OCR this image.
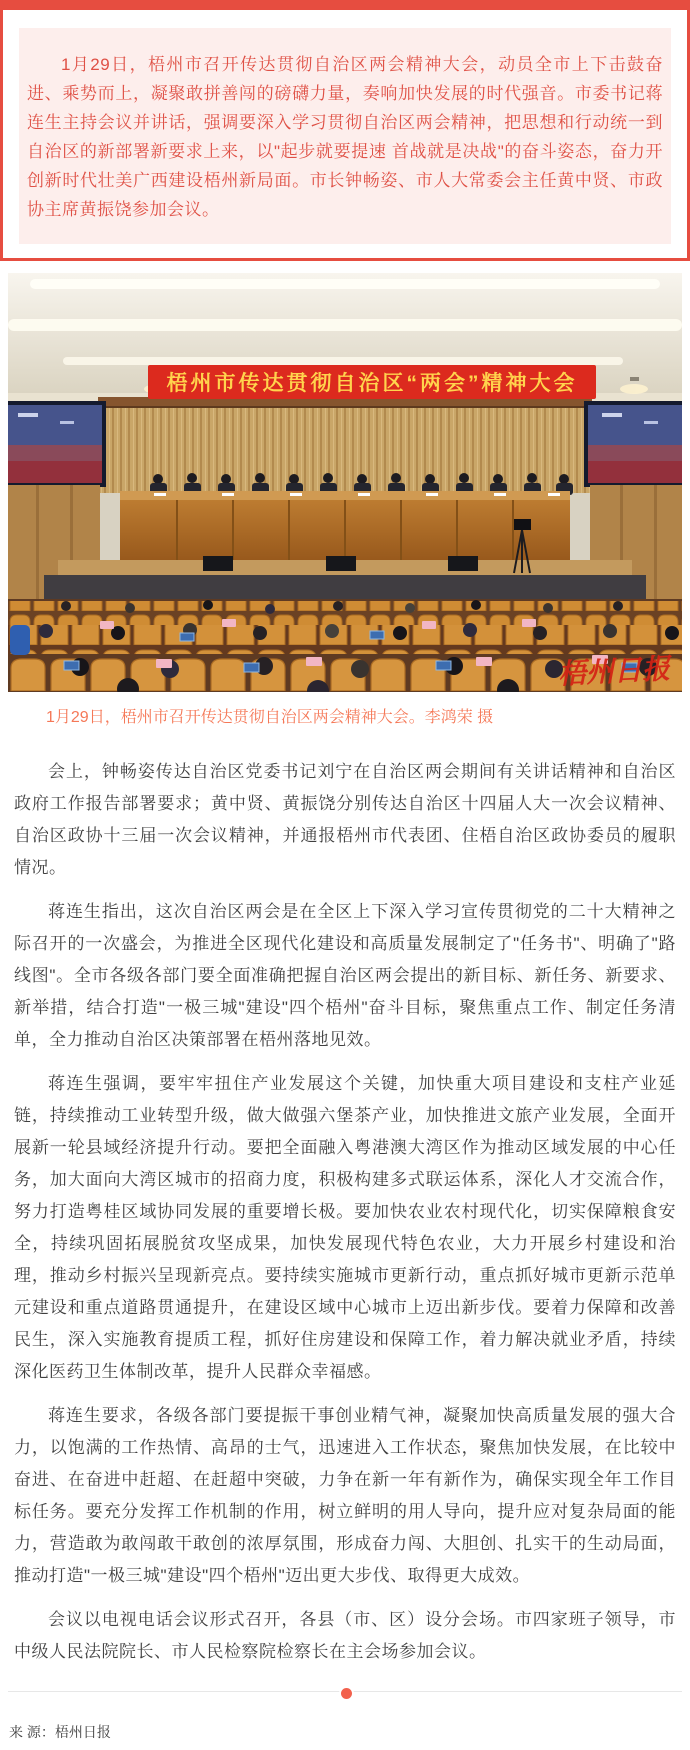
1月29日，梧州市召开传达贯彻自治区两会精神大会，动员全市上下击鼓奋进、乘势而上，凝聚敢拼善闯的磅礴力量，奏响加快发展的时代强音。市委书记蒋连生主持会议并讲话，强调要深入学习贯彻自治区两会精神，把思想和行动统一到自治区的新部署新要求上来，以"起步就要提速 首战就是决战"的奋斗姿态，奋力开创新时代壮美广西建设梧州新局面。市长钟畅姿、市人大常委会主任黄中贤、市政协主席黄振饶参加会议。

梧州市传达贯彻自治区“两会”精神大会
梧州日报

1月29日，梧州市召开传达贯彻自治区两会精神大会。李鸿荣 摄

会上，钟畅姿传达自治区党委书记刘宁在自治区两会期间有关讲话精神和自治区政府工作报告部署要求；黄中贤、黄振饶分别传达自治区十四届人大一次会议精神、自治区政协十三届一次会议精神，并通报梧州市代表团、住梧自治区政协委员的履职情况。

蒋连生指出，这次自治区两会是在全区上下深入学习宣传贯彻党的二十大精神之际召开的一次盛会，为推进全区现代化建设和高质量发展制定了"任务书"、明确了"路线图"。全市各级各部门要全面准确把握自治区两会提出的新目标、新任务、新要求、新举措，结合打造"一极三城"建设"四个梧州"奋斗目标，聚焦重点工作、制定任务清单，全力推动自治区决策部署在梧州落地见效。

蒋连生强调，要牢牢扭住产业发展这个关键，加快重大项目建设和支柱产业延链，持续推动工业转型升级，做大做强六堡茶产业，加快推进文旅产业发展，全面开展新一轮县域经济提升行动。要把全面融入粤港澳大湾区作为推动区域发展的中心任务，加大面向大湾区城市的招商力度，积极构建多式联运体系，深化人才交流合作，努力打造粤桂区域协同发展的重要增长极。要加快农业农村现代化，切实保障粮食安全，持续巩固拓展脱贫攻坚成果，加快发展现代特色农业，大力开展乡村建设和治理，推动乡村振兴呈现新亮点。要持续实施城市更新行动，重点抓好城市更新示范单元建设和重点道路贯通提升，在建设区域中心城市上迈出新步伐。要着力保障和改善民生，深入实施教育提质工程，抓好住房建设和保障工作，着力解决就业矛盾，持续深化医药卫生体制改革，提升人民群众幸福感。

蒋连生要求，各级各部门要提振干事创业精气神，凝聚加快高质量发展的强大合力，以饱满的工作热情、高昂的士气，迅速进入工作状态，聚焦加快发展，在比较中奋进、在奋进中赶超、在赶超中突破，力争在新一年有新作为，确保实现全年工作目标任务。要充分发挥工作机制的作用，树立鲜明的用人导向，提升应对复杂局面的能力，营造敢为敢闯敢干敢创的浓厚氛围，形成奋力闯、大胆创、扎实干的生动局面，推动打造"一极三城"建设"四个梧州"迈出更大步伐、取得更大成效。

会议以电视电话会议形式召开，各县（市、区）设分会场。市四家班子领导，市中级人民法院院长、市人民检察院检察长在主会场参加会议。

来 源：梧州日报
